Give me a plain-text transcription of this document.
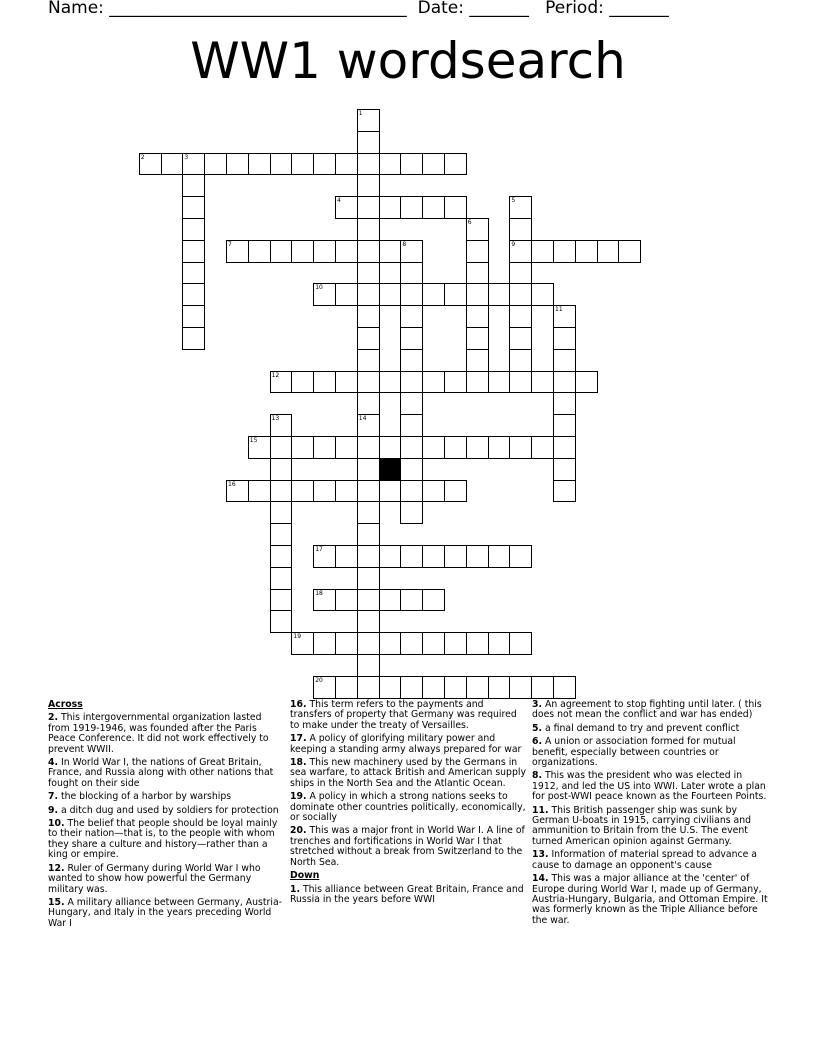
Name: ___________________________________  Date: _______   Period: _______
WW1 wordsearch
1
14
2	3
4	5
9
6
7	8
10
11
12
13
15
16
17
18
19
20

Across

2. This intergovernmental organization lasted from 1919-1946, was founded after the Paris Peace Conference. It did not work effectively to prevent WWII.

4. In World War I, the nations of Great Britain, France, and Russia along with other nations that fought on their side

7. the blocking of a harbor by warships

9. a ditch dug and used by soldiers for protection

10. The belief that people should be loyal mainly to their nation—that is, to the people with whom they share a culture and history—rather than a king or empire.

12. Ruler of Germany during World War I who wanted to show how powerful the Germany military was.

15. A military alliance between Germany, Austria-Hungary, and Italy in the years preceding World War I

16. This term refers to the payments and transfers of property that Germany was required to make under the treaty of Versailles.

17. A policy of glorifying military power and keeping a standing army always prepared for war

18. This new machinery used by the Germans in sea warfare, to attack British and American supply ships in the North Sea and the Atlantic Ocean.

19. A policy in which a strong nations seeks to dominate other countries politically, economically, or socially

20. This was a major front in World War I. A line of trenches and fortifications in World War I that stretched without a break from Switzerland to the North Sea.

Down

1. This alliance between Great Britain, France and Russia in the years before WWI

3. An agreement to stop fighting until later. ( this does not mean the conflict and war has ended)

5. a final demand to try and prevent conflict

6. A union or association formed for mutual benefit, especially between countries or organizations.

8. This was the president who was elected in 1912, and led the US into WWI. Later wrote a plan for post-WWI peace known as the Fourteen Points.

11. This British passenger ship was sunk by German U-boats in 1915, carrying civilians and ammunition to Britain from the U.S. The event turned American opinion against Germany.

13. Information of material spread to advance a cause to damage an opponent's cause

14. This was a major alliance at the 'center' of Europe during World War I, made up of Germany, Austria-Hungary, Bulgaria, and Ottoman Empire. It was formerly known as the Triple Alliance before the war.
